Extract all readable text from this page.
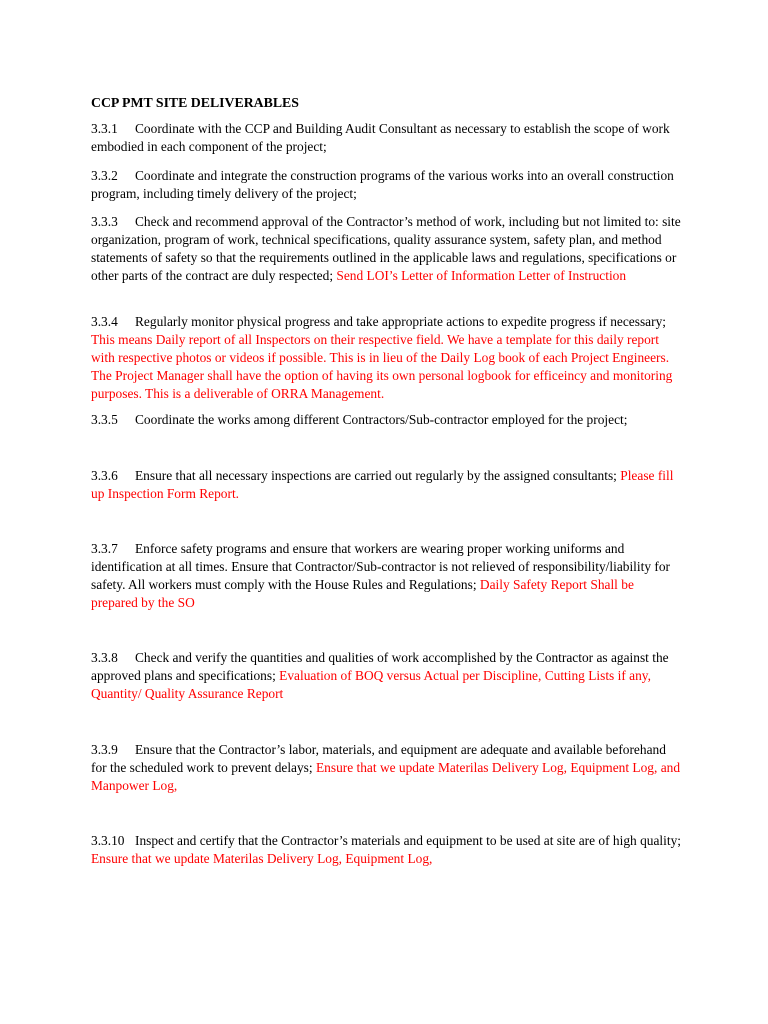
CCP PMT SITE DELIVERABLES

3.3.1 Coordinate with the CCP and Building Audit Consultant as necessary to establish the scope of work embodied in each component of the project;

3.3.2 Coordinate and integrate the construction programs of the various works into an overall construction program, including timely delivery of the project;

3.3.3 Check and recommend approval of the Contractor’s method of work, including but not limited to: site organization, program of work, technical specifications, quality assurance system, safety plan, and method statements of safety so that the requirements outlined in the applicable laws and regulations, specifications or other parts of the contract are duly respected; Send LOI’s Letter of Information Letter of Instruction

3.3.4 Regularly monitor physical progress and take appropriate actions to expedite progress if necessary; This means Daily report of all Inspectors on their respective field. We have a template for this daily report with respective photos or videos if possible. This is in lieu of the Daily Log book of each Project Engineers. The Project Manager shall have the option of having its own personal logbook for efficeincy and monitoring purposes. This is a deliverable of ORRA Management.

3.3.5 Coordinate the works among different Contractors/Sub-contractor employed for the project;

3.3.6 Ensure that all necessary inspections are carried out regularly by the assigned consultants; Please fill up Inspection Form Report.

3.3.7 Enforce safety programs and ensure that workers are wearing proper working uniforms and identification at all times. Ensure that Contractor/Sub-contractor is not relieved of responsibility/liability for safety. All workers must comply with the House Rules and Regulations; Daily Safety Report Shall be prepared by the SO

3.3.8 Check and verify the quantities and qualities of work accomplished by the Contractor as against the approved plans and specifications; Evaluation of BOQ versus Actual per Discipline, Cutting Lists if any, Quantity/ Quality Assurance Report

3.3.9 Ensure that the Contractor’s labor, materials, and equipment are adequate and available beforehand for the scheduled work to prevent delays; Ensure that we update Materilas Delivery Log, Equipment Log, and Manpower Log,

3.3.10 Inspect and certify that the Contractor’s materials and equipment to be used at site are of high quality; Ensure that we update Materilas Delivery Log, Equipment Log,
